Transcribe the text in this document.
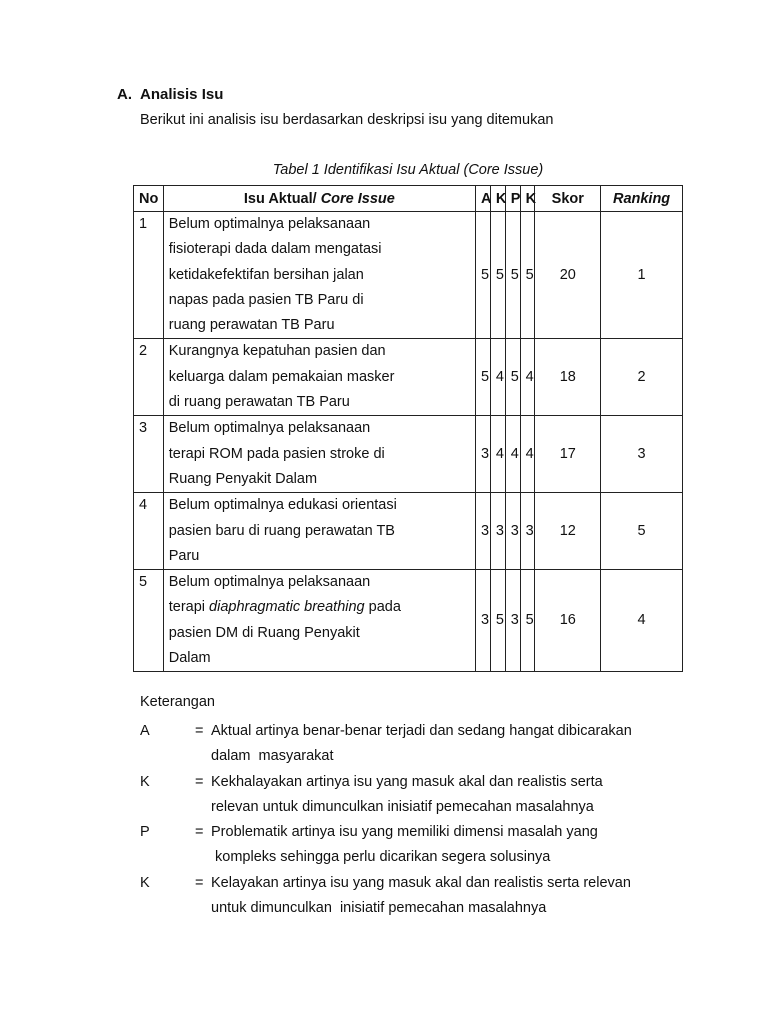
A. Analisis Isu
Berikut ini analisis isu berdasarkan deskripsi isu yang ditemukan
Tabel 1 Identifikasi Isu Aktual (Core Issue)
No	Isu Aktual/ Core Issue	A	K	P	K	Skor	Ranking
1	Belum optimalnya pelaksanaan
fisioterapi dada dalam mengatasi
ketidakefektifan bersihan jalan
napas pada pasien TB Paru di
ruang perawatan TB Paru	5	5	5	5	20	1
2	Kurangnya kepatuhan pasien dan
keluarga dalam pemakaian masker
di ruang perawatan TB Paru	5	4	5	4	18	2
3	Belum optimalnya pelaksanaan
terapi ROM pada pasien stroke di
Ruang Penyakit Dalam	3	4	4	4	17	3
4	Belum optimalnya edukasi orientasi
pasien baru di ruang perawatan TB
Paru	3	3	3	3	12	5
5	Belum optimalnya pelaksanaan
terapi diaphragmatic breathing pada
pasien DM di Ruang Penyakit
Dalam	3	5	3	5	16	4
Keterangan
A	= Aktual artinya benar-benar terjadi dan sedang hangat dibicarakan
dalam  masyarakat
K	= Kekhalayakan artinya isu yang masuk akal dan realistis serta
relevan untuk dimunculkan inisiatif pemecahan masalahnya
P	= Problematik artinya isu yang memiliki dimensi masalah yang
kompleks sehingga perlu dicarikan segera solusinya
K	= Kelayakan artinya isu yang masuk akal dan realistis serta relevan
untuk dimunculkan  inisiatif pemecahan masalahnya
